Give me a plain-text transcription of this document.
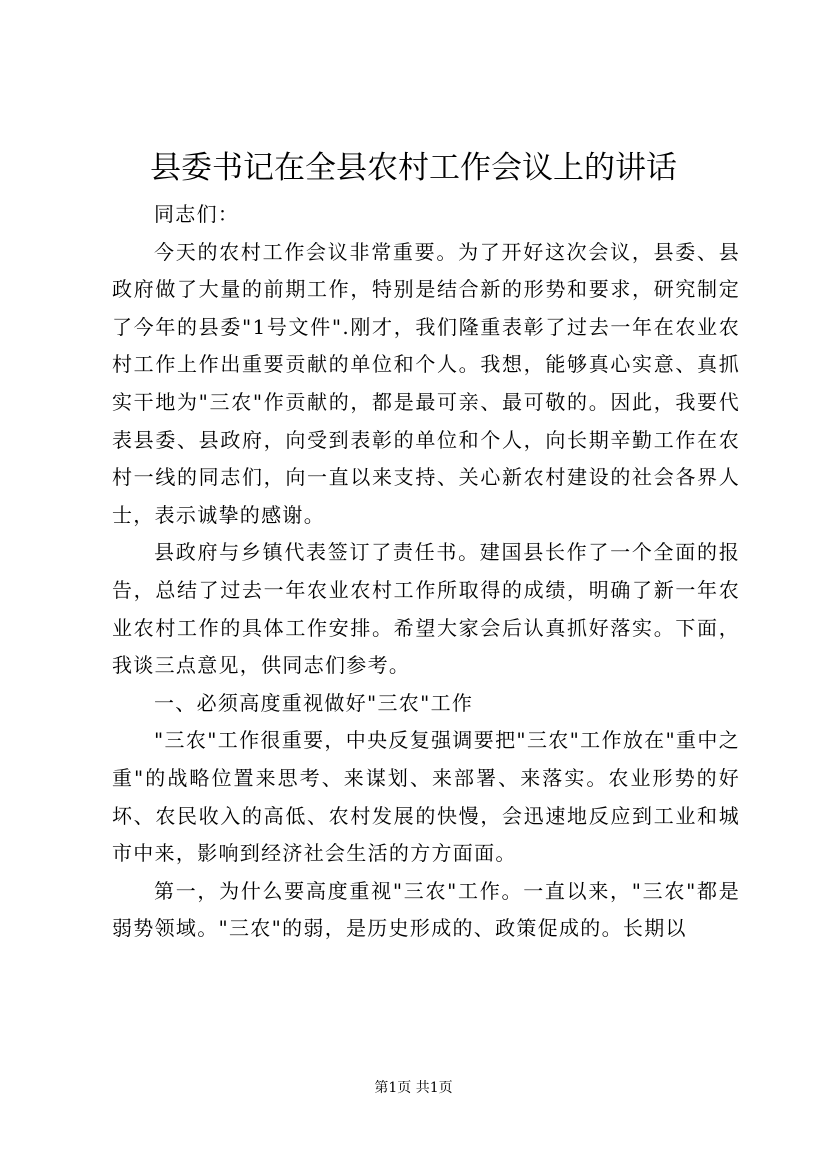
县委书记在全县农村工作会议上的讲话

同志们：

今天的农村工作会议非常重要。为了开好这次会议，县委、县政府做了大量的前期工作，特别是结合新的形势和要求，研究制定了今年的县委"1号文件".刚才，我们隆重表彰了过去一年在农业农村工作上作出重要贡献的单位和个人。我想，能够真心实意、真抓实干地为"三农"作贡献的，都是最可亲、最可敬的。因此，我要代表县委、县政府，向受到表彰的单位和个人，向长期辛勤工作在农村一线的同志们，向一直以来支持、关心新农村建设的社会各界人士，表示诚挚的感谢。

县政府与乡镇代表签订了责任书。建国县长作了一个全面的报告，总结了过去一年农业农村工作所取得的成绩，明确了新一年农业农村工作的具体工作安排。希望大家会后认真抓好落实。下面，我谈三点意见，供同志们参考。

一、必须高度重视做好"三农"工作

"三农"工作很重要，中央反复强调要把"三农"工作放在"重中之重"的战略位置来思考、来谋划、来部署、来落实。农业形势的好坏、农民收入的高低、农村发展的快慢，会迅速地反应到工业和城市中来，影响到经济社会生活的方方面面。

第一，为什么要高度重视"三农"工作。一直以来，"三农"都是弱势领域。"三农"的弱，是历史形成的、政策促成的。长期以

第1页 共1页
